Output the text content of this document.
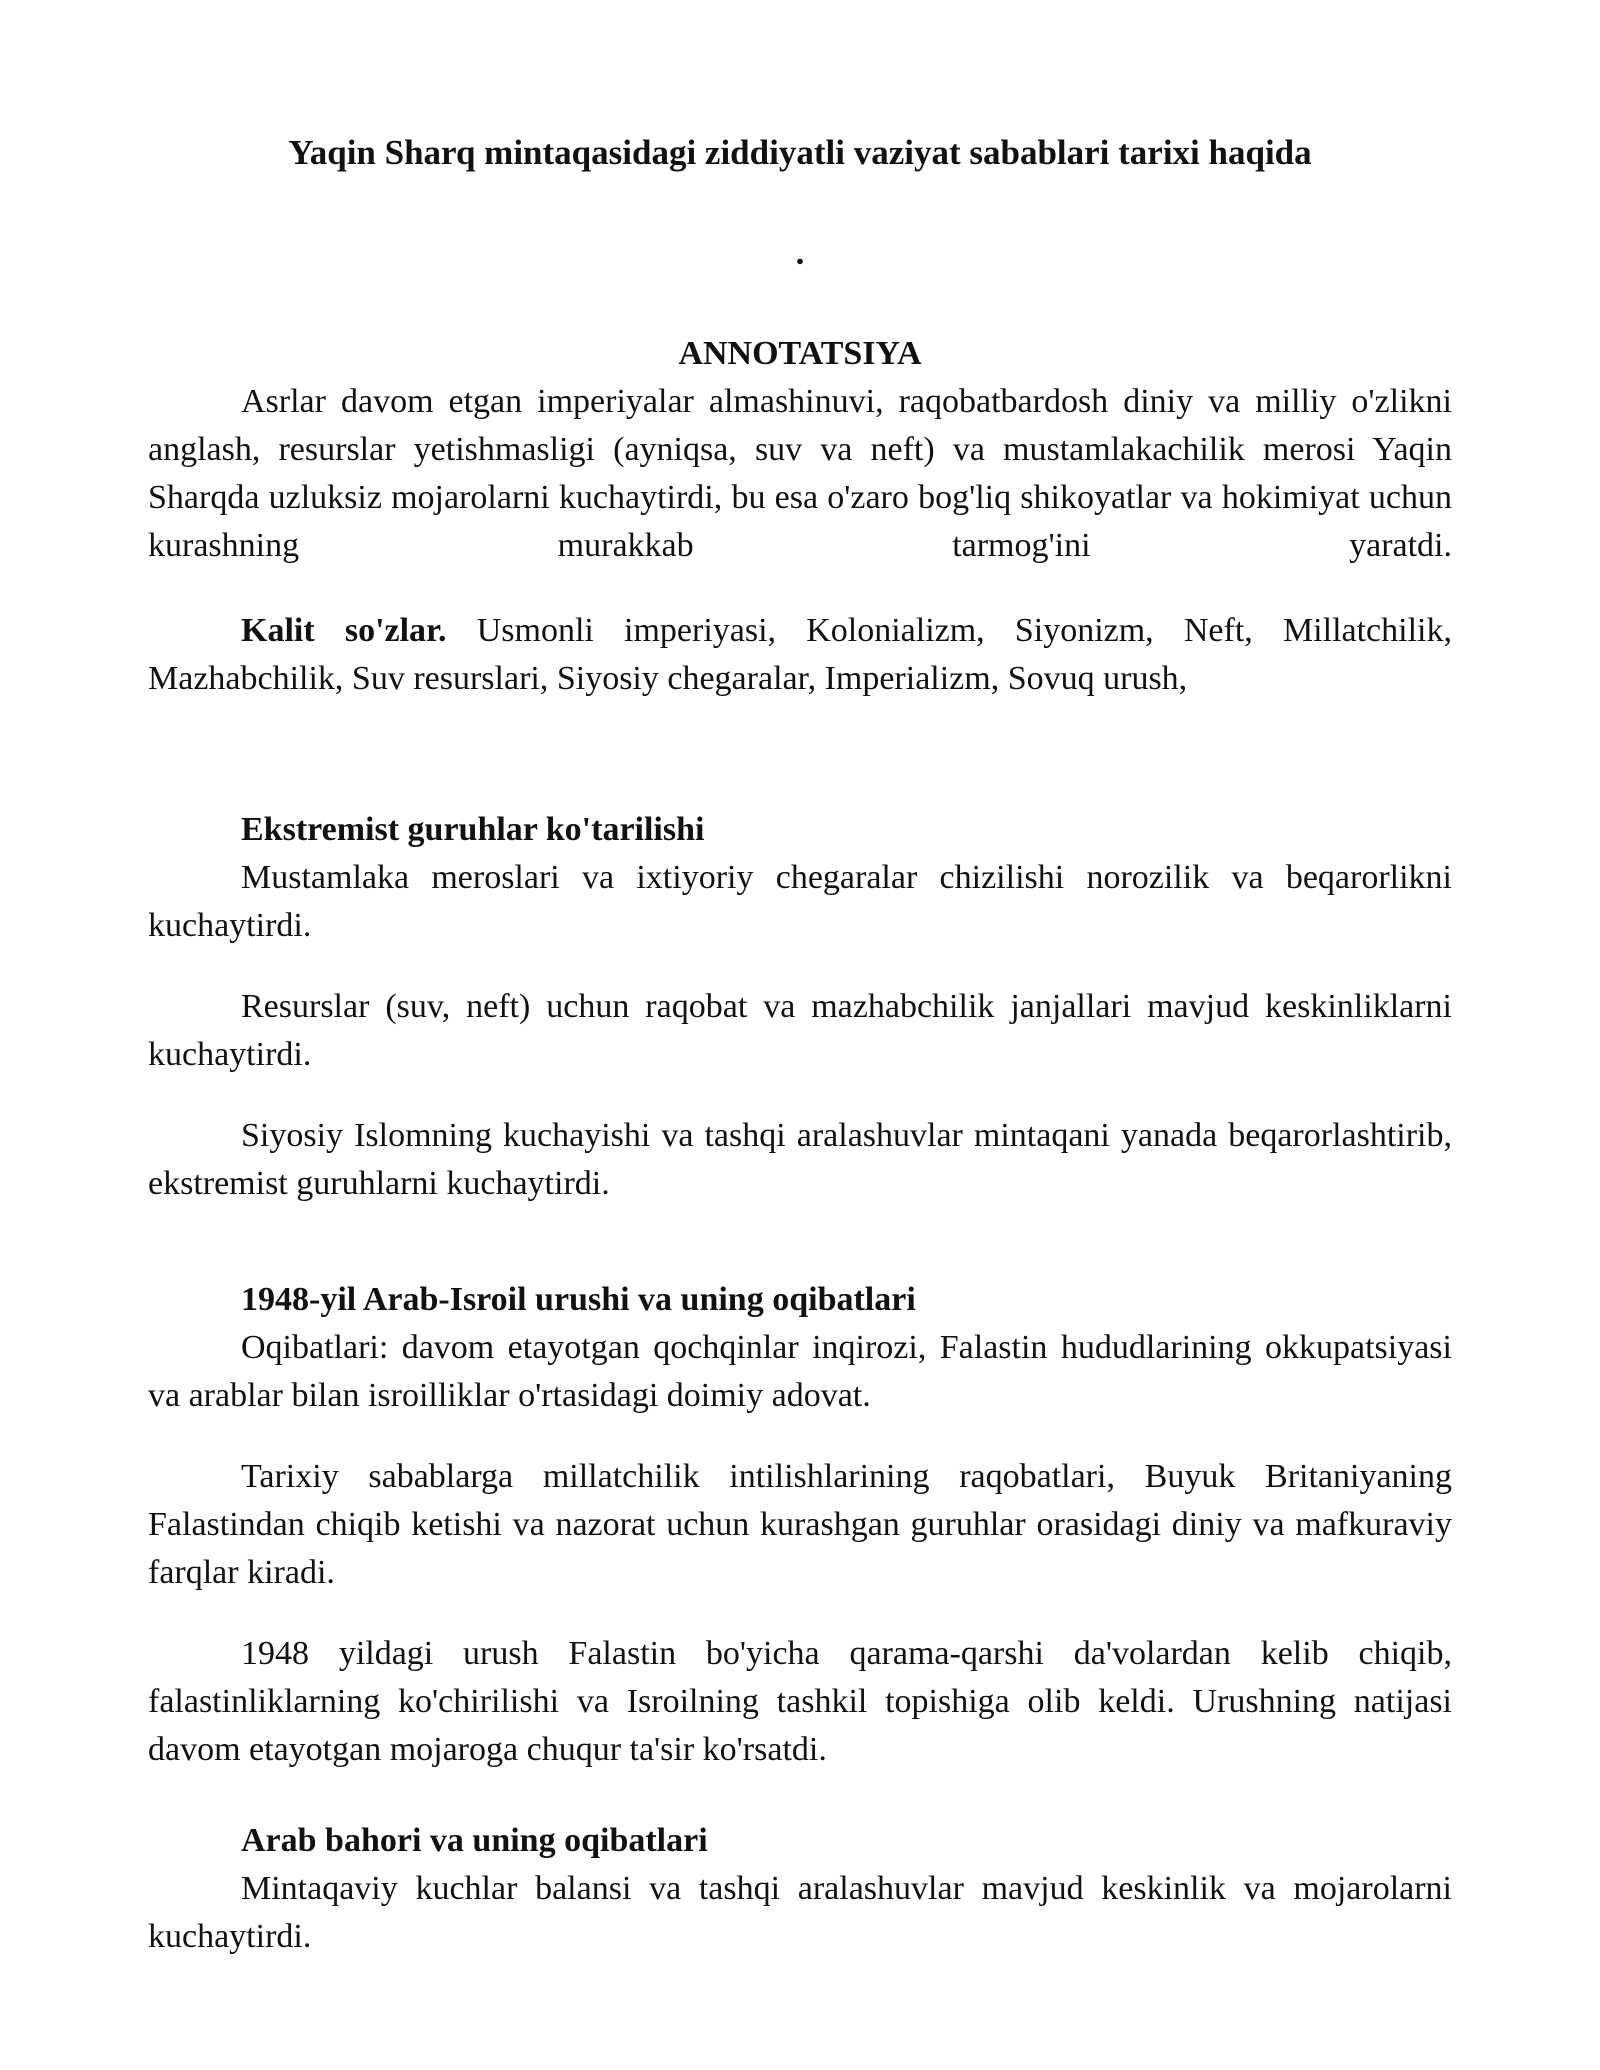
Yaqin Sharq mintaqasidagi ziddiyatli vaziyat sabablari tarixi haqida
.
ANNOTATSIYA

Asrlar davom etgan imperiyalar almashinuvi, raqobatbardosh diniy va milliy o'zlikni anglash, resurslar yetishmasligi (ayniqsa, suv va neft) va mustamlakachilik merosi Yaqin Sharqda uzluksiz mojarolarni kuchaytirdi, bu esa o'zaro bog'liq shikoyatlar va hokimiyat uchun kurashning murakkab tarmog'ini yaratdi.

Kalit so'zlar. Usmonli imperiyasi, Kolonializm, Siyonizm, Neft, Millatchilik, Mazhabchilik, Suv resurslari, Siyosiy chegaralar, Imperializm, Sovuq urush,

Ekstremist guruhlar ko'tarilishi

Mustamlaka meroslari va ixtiyoriy chegaralar chizilishi norozilik va beqarorlikni kuchaytirdi.

Resurslar (suv, neft) uchun raqobat va mazhabchilik janjallari mavjud keskinliklarni kuchaytirdi.

Siyosiy Islomning kuchayishi va tashqi aralashuvlar mintaqani yanada beqarorlashtirib, ekstremist guruhlarni kuchaytirdi.

1948-yil Arab-Isroil urushi va uning oqibatlari

Oqibatlari: davom etayotgan qochqinlar inqirozi, Falastin hududlarining okkupatsiyasi va arablar bilan isroilliklar o'rtasidagi doimiy adovat.

Tarixiy sabablarga millatchilik intilishlarining raqobatlari, Buyuk Britaniyaning Falastindan chiqib ketishi va nazorat uchun kurashgan guruhlar orasidagi diniy va mafkuraviy farqlar kiradi.

1948 yildagi urush Falastin bo'yicha qarama-qarshi da'volardan kelib chiqib, falastinliklarning ko'chirilishi va Isroilning tashkil topishiga olib keldi. Urushning natijasi davom etayotgan mojaroga chuqur ta'sir ko'rsatdi.

Arab bahori va uning oqibatlari

Mintaqaviy kuchlar balansi va tashqi aralashuvlar mavjud keskinlik va mojarolarni kuchaytirdi.
